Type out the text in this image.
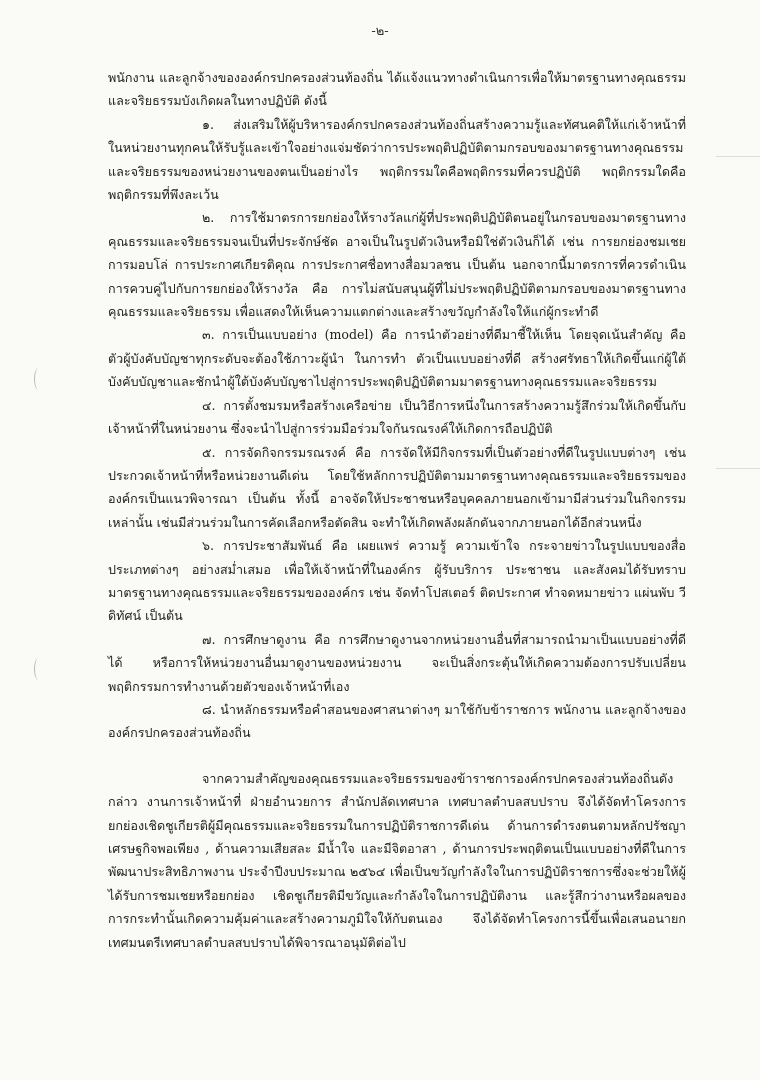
-๒-

พนักงาน และลูกจ้างขององค์กรปกครองส่วนท้องถิ่น ได้แจ้งแนวทางดำเนินการเพื่อให้มาตรฐานทางคุณธรรมและจริยธรรมบังเกิดผลในทางปฏิบัติ ดังนี้

๑. ส่งเสริมให้ผู้บริหารองค์กรปกครองส่วนท้องถิ่นสร้างความรู้และทัศนคติให้แก่เจ้าหน้าที่ ในหน่วยงานทุกคนให้รับรู้และเข้าใจอย่างแจ่มชัดว่าการประพฤติปฏิบัติตามกรอบของมาตรฐานทางคุณธรรมและจริยธรรมของหน่วยงานของตนเป็นอย่างไร พฤติกรรมใดคือพฤติกรรมที่ควรปฏิบัติ พฤติกรรมใดคือพฤติกรรมที่พึงละเว้น

๒. การใช้มาตรการยกย่องให้รางวัลแก่ผู้ที่ประพฤติปฏิบัติตนอยู่ในกรอบของมาตรฐานทางคุณธรรมและจริยธรรมจนเป็นที่ประจักษ์ชัด อาจเป็นในรูปตัวเงินหรือมิใช่ตัวเงินก็ได้ เช่น การยกย่องชมเชย การมอบโล่ การประกาศเกียรติคุณ การประกาศชื่อทางสื่อมวลชน เป็นต้น นอกจากนี้มาตรการที่ควรดำเนินการควบคู่ไปกับการยกย่องให้รางวัล คือ การไม่สนับสนุนผู้ที่ไม่ประพฤติปฏิบัติตามกรอบของมาตรฐานทางคุณธรรมและจริยธรรม เพื่อแสดงให้เห็นความแตกต่างและสร้างขวัญกำลังใจให้แก่ผู้กระทำดี

๓. การเป็นแบบอย่าง (model) คือ การนำตัวอย่างที่ดีมาชี้ให้เห็น โดยจุดเน้นสำคัญ คือ ตัวผู้บังคับบัญชาทุกระดับจะต้องใช้ภาวะผู้นำ ในการทำ ตัวเป็นแบบอย่างที่ดี สร้างศรัทธาให้เกิดขึ้นแก่ผู้ใต้บังคับบัญชาและชักนำผู้ใต้บังคับบัญชาไปสู่การประพฤติปฏิบัติตามมาตรฐานทางคุณธรรมและจริยธรรม

๔. การตั้งชมรมหรือสร้างเครือข่าย เป็นวิธีการหนึ่งในการสร้างความรู้สึกร่วมให้เกิดขึ้นกับเจ้าหน้าที่ในหน่วยงาน ซึ่งจะนำไปสู่การร่วมมือร่วมใจกันรณรงค์ให้เกิดการถือปฏิบัติ

๕. การจัดกิจกรรมรณรงค์ คือ การจัดให้มีกิจกรรมที่เป็นตัวอย่างที่ดีในรูปแบบต่างๆ เช่น ประกวดเจ้าหน้าที่หรือหน่วยงานดีเด่น โดยใช้หลักการปฏิบัติตามมาตรฐานทางคุณธรรมและจริยธรรมขององค์กรเป็นแนวพิจารณา เป็นต้น ทั้งนี้ อาจจัดให้ประชาชนหรือบุคคลภายนอกเข้ามามีส่วนร่วมในกิจกรรมเหล่านั้น เช่นมีส่วนร่วมในการคัดเลือกหรือตัดสิน จะทำให้เกิดพลังผลักดันจากภายนอกได้อีกส่วนหนึ่ง

๖. การประชาสัมพันธ์ คือ เผยแพร่ ความรู้ ความเข้าใจ กระจายข่าวในรูปแบบของสื่อประเภทต่างๆ อย่างสม่ำเสมอ เพื่อให้เจ้าหน้าที่ในองค์กร ผู้รับบริการ ประชาชน และสังคมได้รับทราบมาตรฐานทางคุณธรรมและจริยธรรมขององค์กร เช่น จัดทำโปสเตอร์ ติดประกาศ ทำจดหมายข่าว แผ่นพับ วีดิทัศน์ เป็นต้น

๗. การศึกษาดูงาน คือ การศึกษาดูงานจากหน่วยงานอื่นที่สามารถนำมาเป็นแบบอย่างที่ดีได้ หรือการให้หน่วยงานอื่นมาดูงานของหน่วยงาน จะเป็นสิ่งกระตุ้นให้เกิดความต้องการปรับเปลี่ยนพฤติกรรมการทำงานด้วยตัวของเจ้าหน้าที่เอง

๘. นำหลักธรรมหรือคำสอนของศาสนาต่างๆ มาใช้กับข้าราชการ พนักงาน และลูกจ้างขององค์กรปกครองส่วนท้องถิ่น

จากความสำคัญของคุณธรรมและจริยธรรมของข้าราชการองค์กรปกครองส่วนท้องถิ่นดังกล่าว งานการเจ้าหน้าที่ ฝ่ายอำนวยการ สำนักปลัดเทศบาล เทศบาลตำบลสบปราบ จึงได้จัดทำโครงการยกย่องเชิดชูเกียรติผู้มีคุณธรรมและจริยธรรมในการปฏิบัติราชการดีเด่น ด้านการดำรงตนตามหลักปรัชญาเศรษฐกิจพอเพียง , ด้านความเสียสละ มีน้ำใจ และมีจิตอาสา , ด้านการประพฤติตนเป็นแบบอย่างที่ดีในการพัฒนาประสิทธิภาพงาน ประจำปีงบประมาณ ๒๕๖๔ เพื่อเป็นขวัญกำลังใจในการปฏิบัติราชการซึ่งจะช่วยให้ผู้ได้รับการชมเชยหรือยกย่อง เชิดชูเกียรติมีขวัญและกำลังใจในการปฏิบัติงาน และรู้สึกว่างานหรือผลของการกระทำนั้นเกิดความคุ้มค่าและสร้างความภูมิใจให้กับตนเอง จึงได้จัดทำโครงการนี้ขึ้นเพื่อเสนอนายกเทศมนตรีเทศบาลตำบลสบปราบได้พิจารณาอนุมัติต่อไป
